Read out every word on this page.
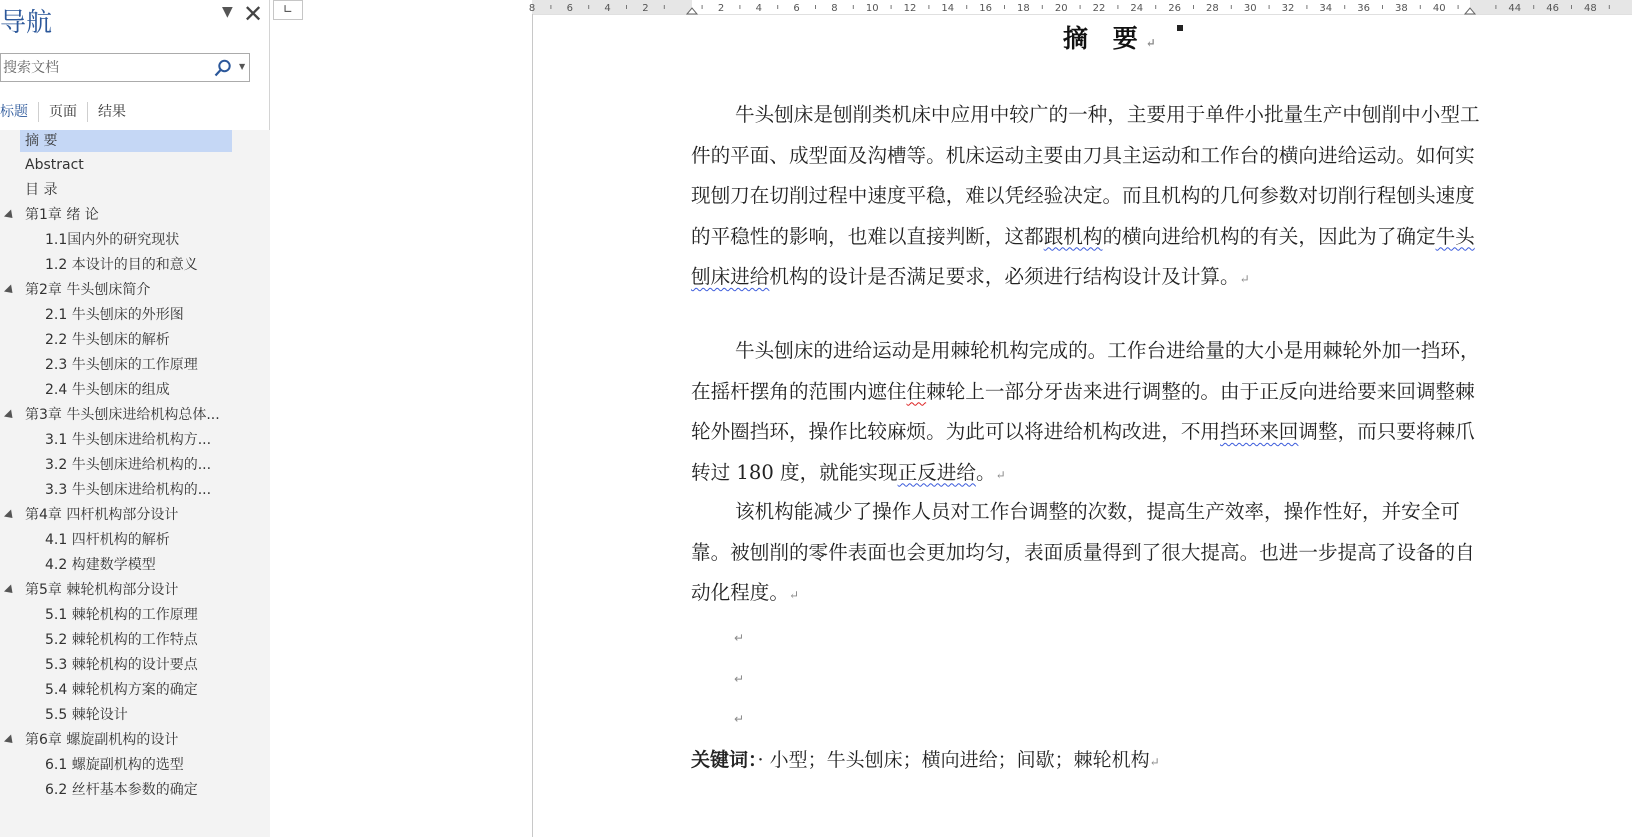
导航	▼ ✕
搜索文档
▼
标题	页面	结果
摘 要
Abstract
目 录
第1章 绪 论
1.1国内外的研究现状
1.2 本设计的目的和意义
第2章 牛头刨床简介
2.1 牛头刨床的外形图
2.2 牛头刨床的解析
2.3 牛头刨床的工作原理
2.4 牛头刨床的组成
第3章 牛头刨床进给机构总体...
3.1 牛头刨床进给机构方...
3.2 牛头刨床进给机构的...
3.3 牛头刨床进给机构的...
第4章 四杆机构部分设计
4.1 四杆机构的解析
4.2 构建数学模型
第5章 棘轮机构部分设计
5.1 棘轮机构的工作原理
5.2 棘轮机构的工作特点
5.3 棘轮机构的设计要点
5.4 棘轮机构方案的确定
5.5 棘轮设计
第6章 螺旋副机构的设计
6.1 螺旋副机构的选型
6.2 丝杆基本参数的确定
∟	8	6	4	2	2	4	6	8	10	12	14	16	18	20	22	24	26	28	30	32	34	36	38	40	44	46	48
摘 要↵
牛头刨床是刨削类机床中应用中较广的一种，主要用于单件小批量生产中刨削中小型工件的平面、成型面及沟槽等。机床运动主要由刀具主运动和工作台的横向进给运动。如何实现刨刀在切削过程中速度平稳，难以凭经验决定。而且机构的几何参数对切削行程刨头速度的平稳性的影响，也难以直接判断，这都跟机构的横向进给机构的有关，因此为了确定牛头刨床进给机构的设计是否满足要求，必须进行结构设计及计算。↵
牛头刨床的进给运动是用棘轮机构完成的。工作台进给量的大小是用棘轮外加一挡环，在摇杆摆角的范围内遮住住棘轮上一部分牙齿来进行调整的。由于正反向进给要来回调整棘轮外圈挡环，操作比较麻烦。为此可以将进给机构改进，不用挡环来回调整，而只要将棘爪转过 180 度，就能实现正反进给。↵
该机构能减少了操作人员对工作台调整的次数，提高生产效率，操作性好，并安全可靠。被刨削的零件表面也会更加均匀，表面质量得到了很大提高。也进一步提高了设备的自动化程度。↵
↵
↵
↵
关键词：· 小型；牛头刨床；横向进给；间歇；棘轮机构↵
